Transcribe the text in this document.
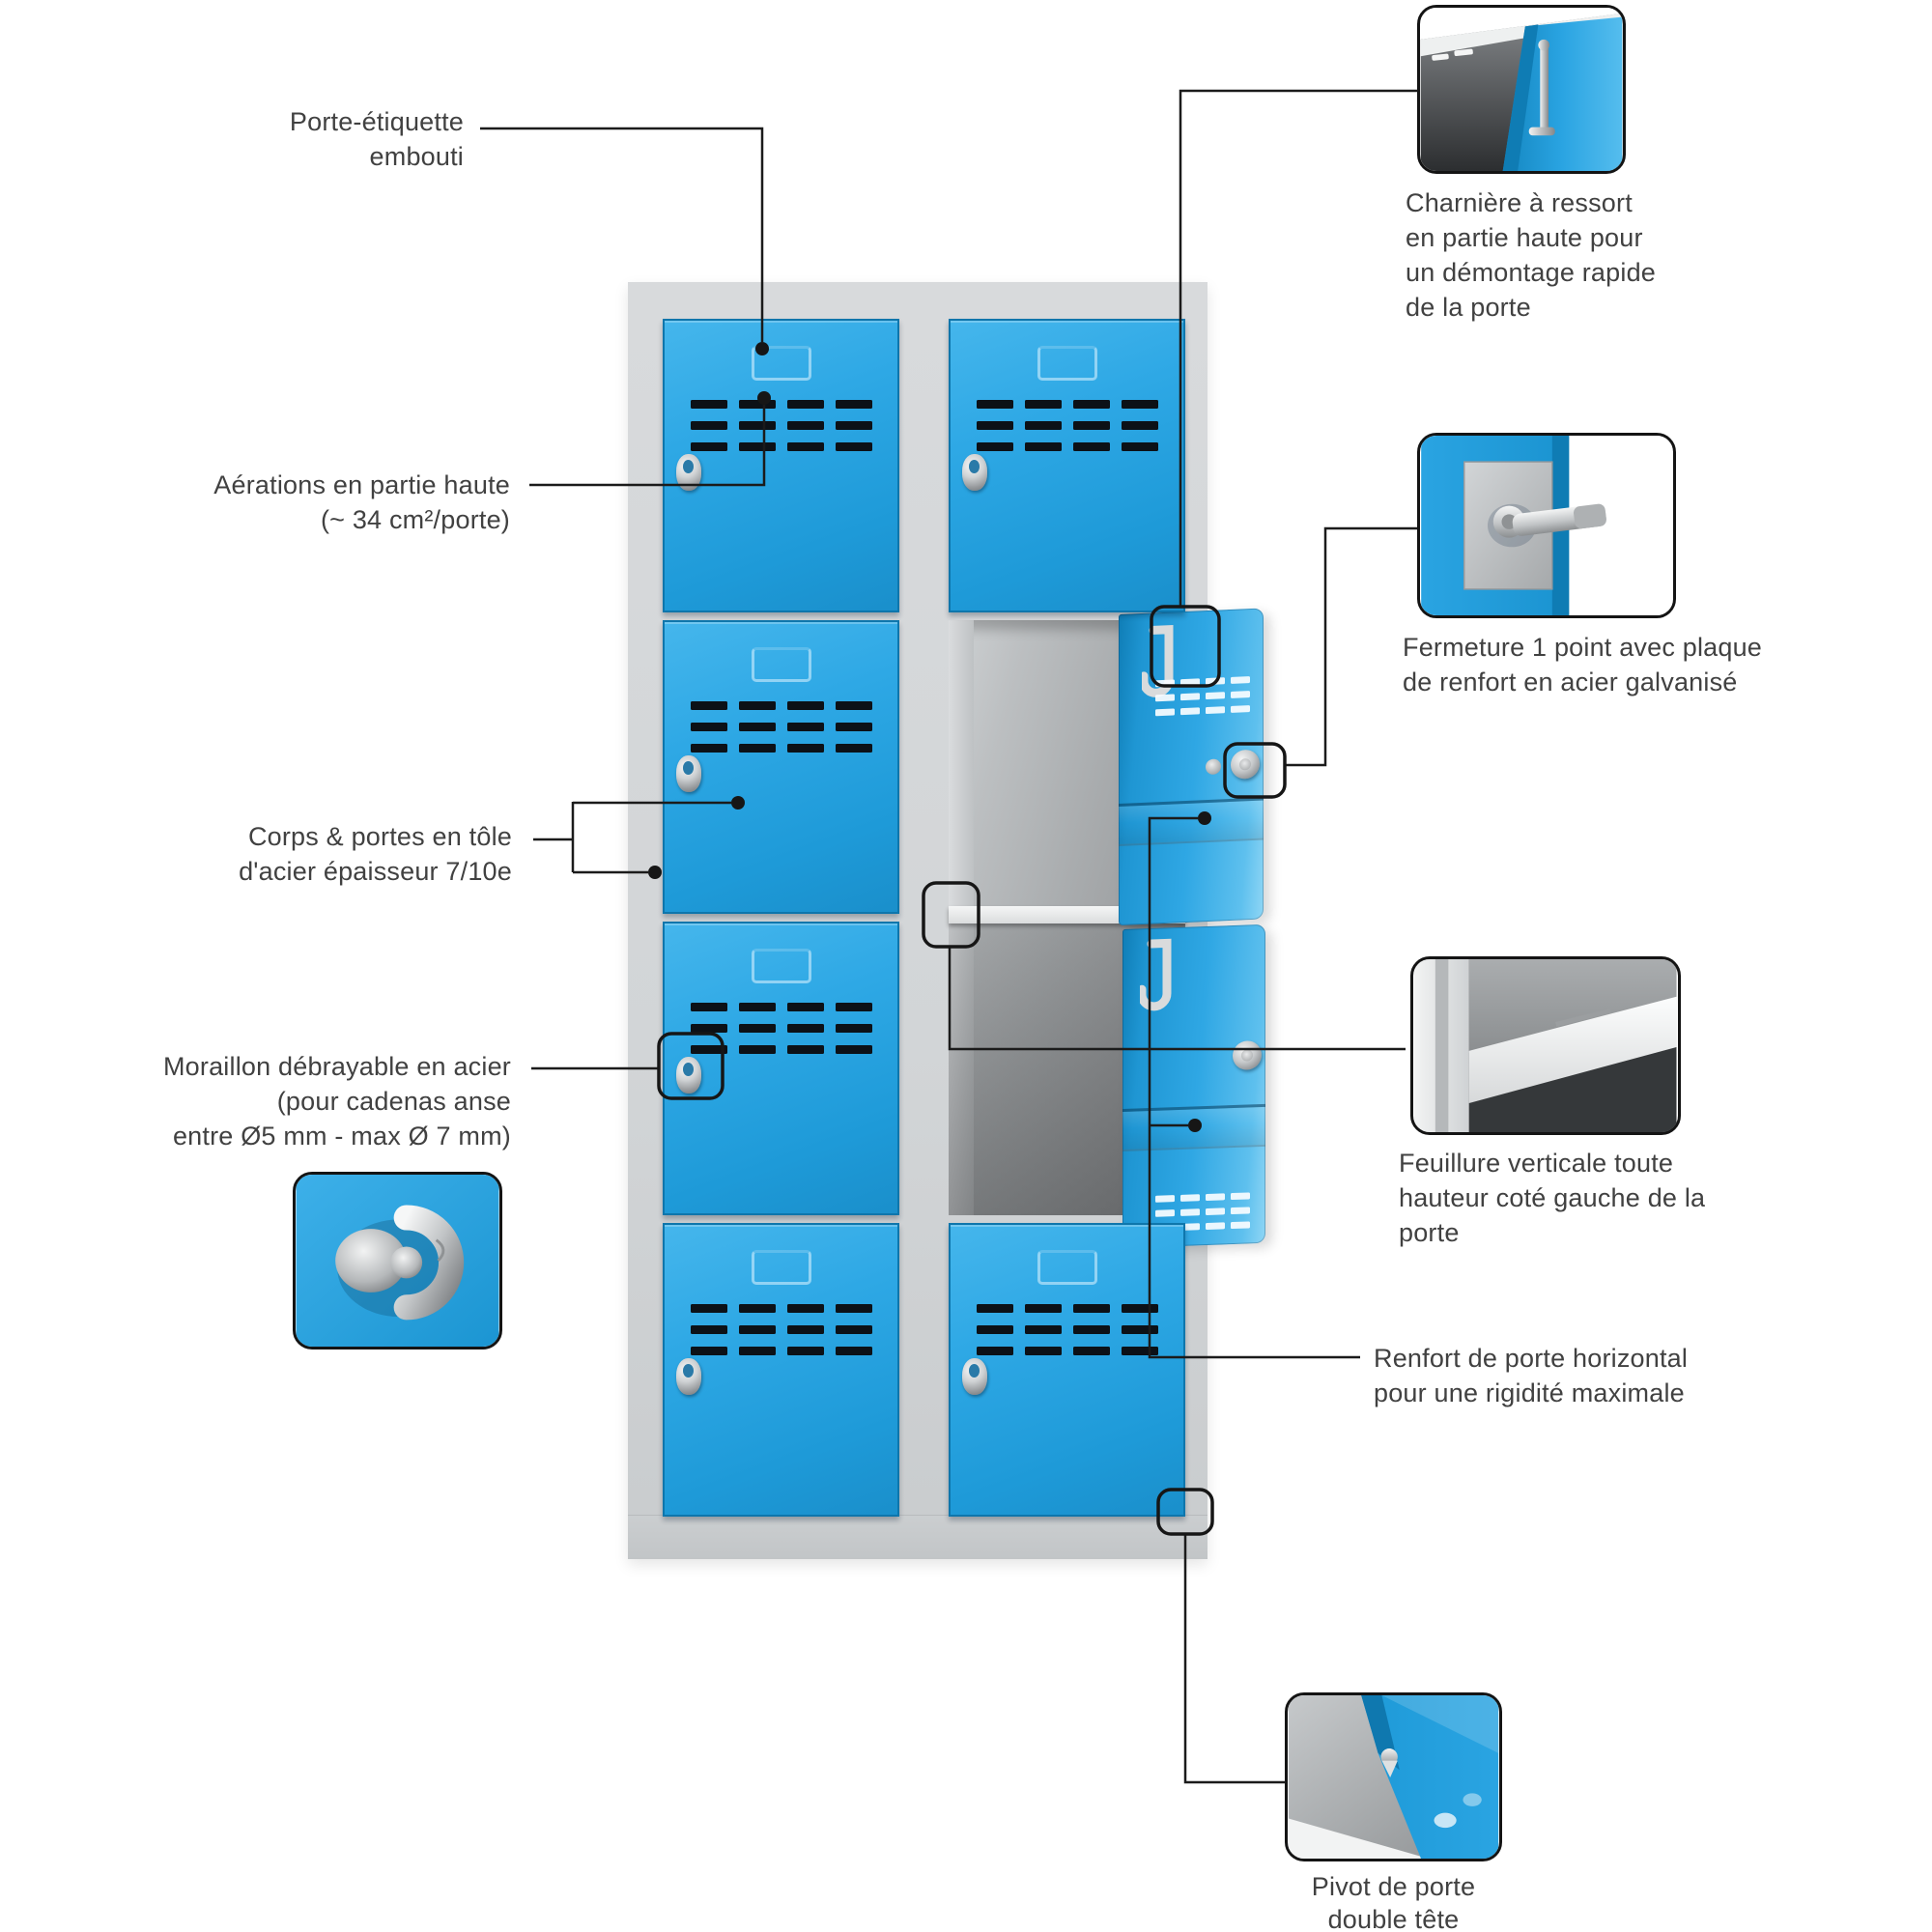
Porte-étiquette
embouti
Aérations en partie haute
(~ 34 cm²/porte)
Corps & portes en tôle
d'acier épaisseur 7/10e
Moraillon débrayable en acier
(pour cadenas anse
entre Ø5 mm - max Ø 7 mm)
Charnière à ressort
en partie haute pour
un démontage rapide
de la porte
Fermeture 1 point avec plaque
de renfort en acier galvanisé
Feuillure verticale toute
hauteur coté gauche de la
porte
Renfort de porte horizontal
pour une rigidité maximale
Pivot de porte
double tête
